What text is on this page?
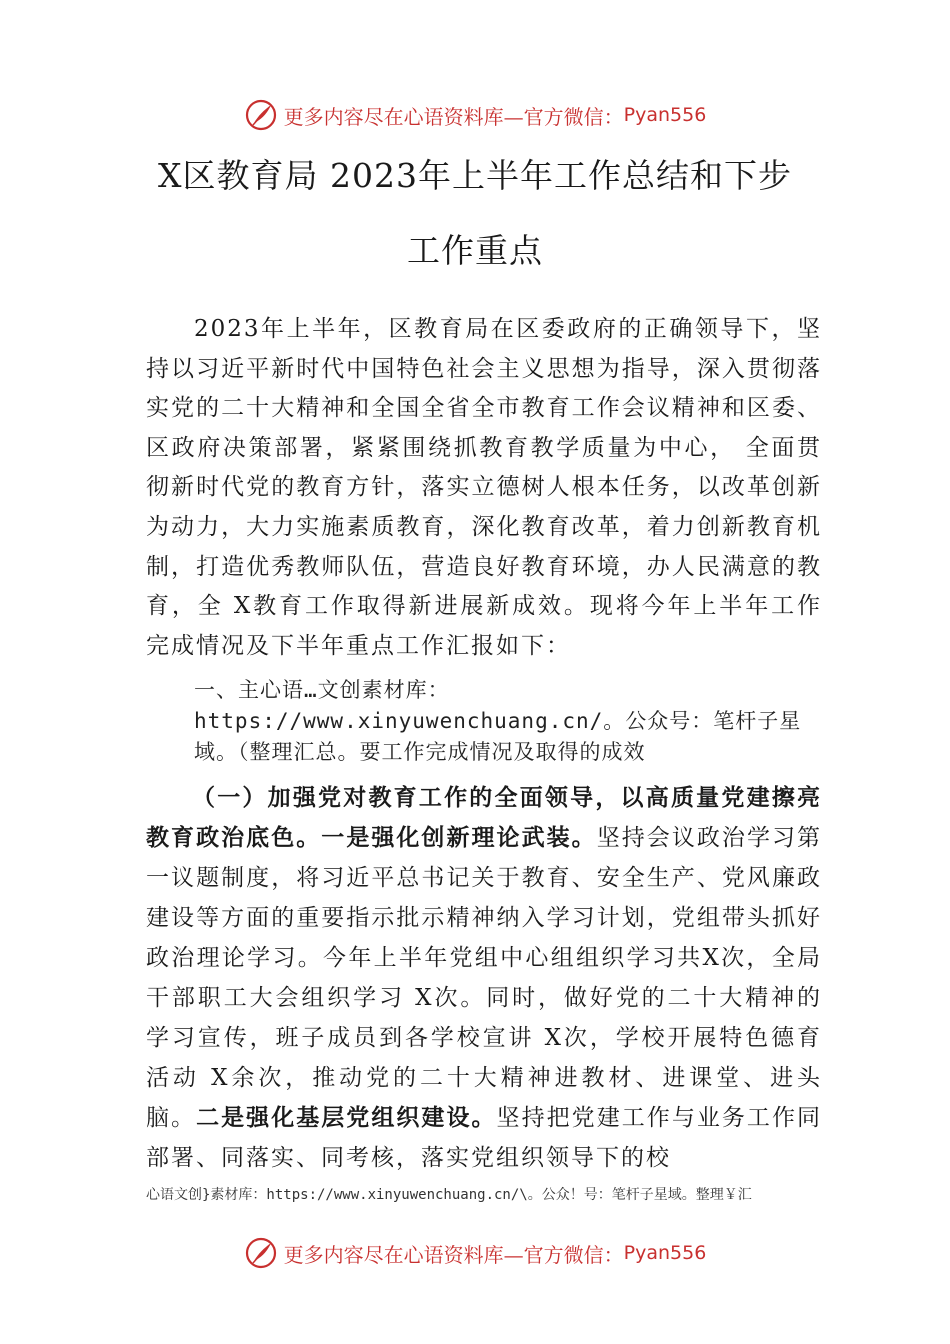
更多内容尽在心语资料库— 官方微信： Pyan556
X区教育局 2023年上半年工作总结和下步
工作重点

2023年上半年，区教育局在区委政府的正确领导下，坚持以习近平新时代中国特色社会主义思想为指导，深入贯彻落实党的二十大精神和全国全省全市教育工作会议精神和区委、区政府决策部署，紧紧围绕抓教育教学质量为中心， 全面贯彻新时代党的教育方针，落实立德树人根本任务，以改革创新为动力，大力实施素质教育，深化教育改革，着力创新教育机制，打造优秀教师队伍，营造良好教育环境，办人民满意的教育，全 X教育工作取得新进展新成效。现将今年上半年工作完成情况及下半年重点工作汇报如下：

一、主心语…文创素材库：https://www.xinyuwenchuang.cn/。公众号：笔杆子星域。（整理汇总。要工作完成情况及取得的成效

（一）加强党对教育工作的全面领导，以高质量党建擦亮教育政治底色。一是强化创新理论武装。坚持会议政治学习第一议题制度，将习近平总书记关于教育、安全生产、党风廉政建设等方面的重要指示批示精神纳入学习计划，党组带头抓好政治理论学习。今年上半年党组中心组组织学习共X次，全局干部职工大会组织学习 X次。同时，做好党的二十大精神的学习宣传，班子成员到各学校宣讲 X次，学校开展特色德育活动 X余次，推动党的二十大精神进教材、进课堂、进头脑。二是强化基层党组织建设。坚持把党建工作与业务工作同部署、同落实、同考核，落实党组织领导下的校

心语文创}素材库：https://www.xinyuwenchuang.cn/\。公众！号：笔杆子星域。整理￥汇
更多内容尽在心语资料库— 官方微信： Pyan556
